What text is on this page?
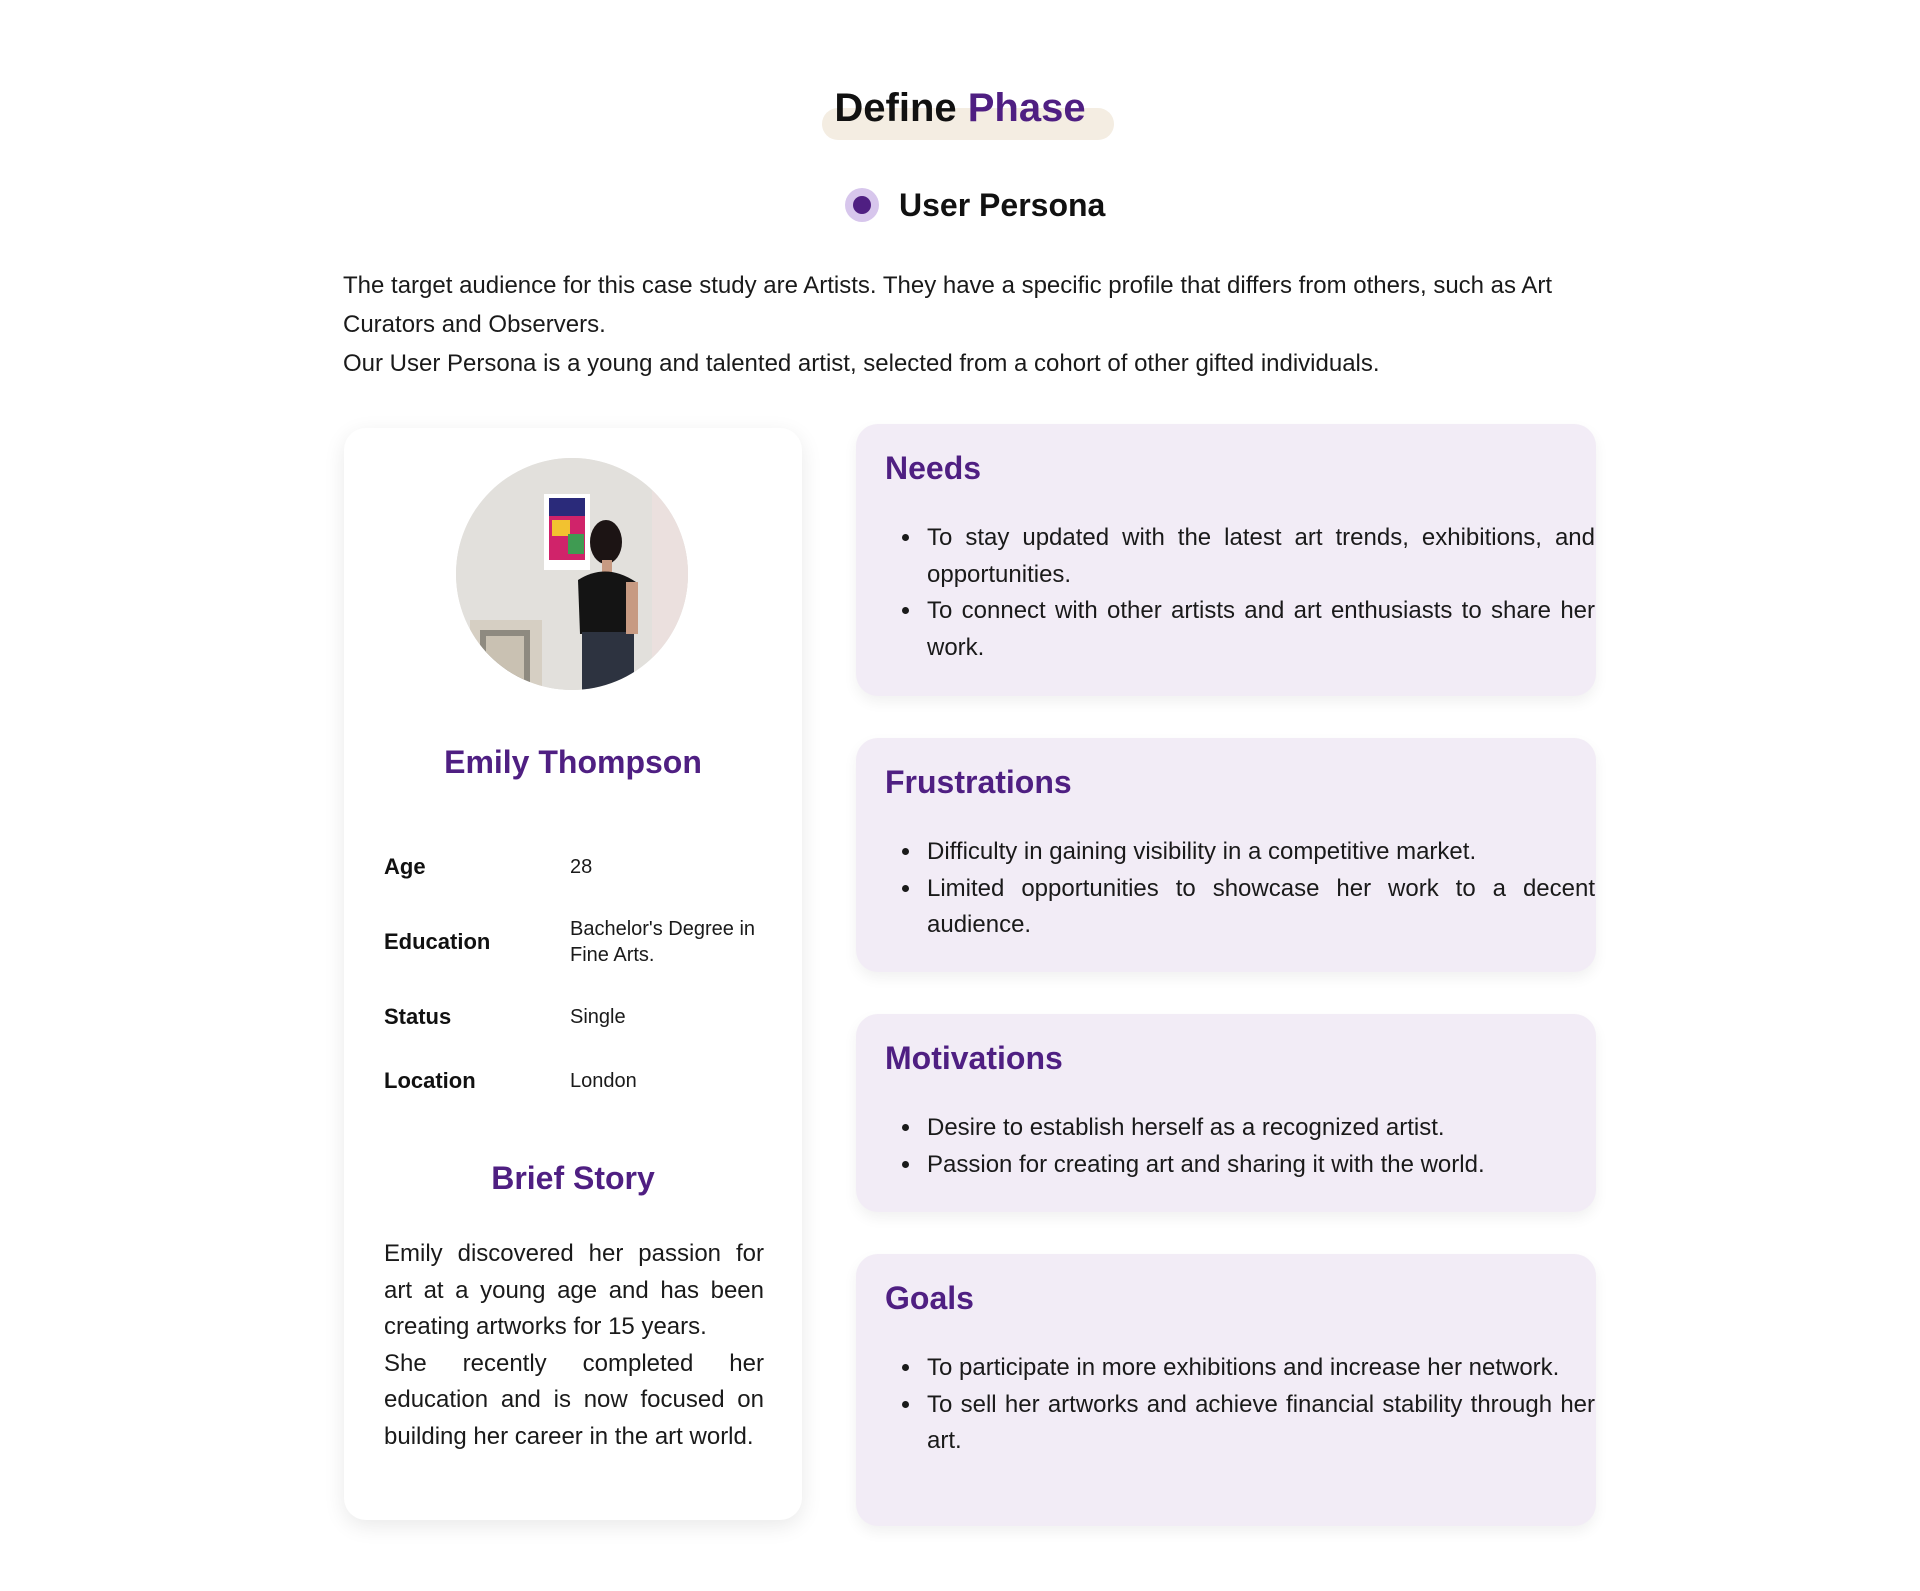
Define Phase
User Persona

The target audience for this case study are Artists. They have a specific profile that differs from others, such as Art Curators and Observers.

Our User Persona is a young and talented artist, selected from a cohort of other gifted individuals.

Emily Thompson
Age	28
Education	Bachelor's Degree in Fine Arts.
Status	Single
Location	London
Brief Story

Emily discovered her passion for art at a young age and has been creating artworks for 15 years.

She recently completed her education and is now focused on building her career in the art world.

Needs
• To stay updated with the latest art trends, exhibitions, and opportunities.
• To connect with other artists and art enthusiasts to share her work.
Frustrations
• Difficulty in gaining visibility in a competitive market.
• Limited opportunities to showcase her work to a decent audience.
Motivations
• Desire to establish herself as a recognized artist.
• Passion for creating art and sharing it with the world.
Goals
• To participate in more exhibitions and increase her network.
• To sell her artworks and achieve financial stability through her art.
